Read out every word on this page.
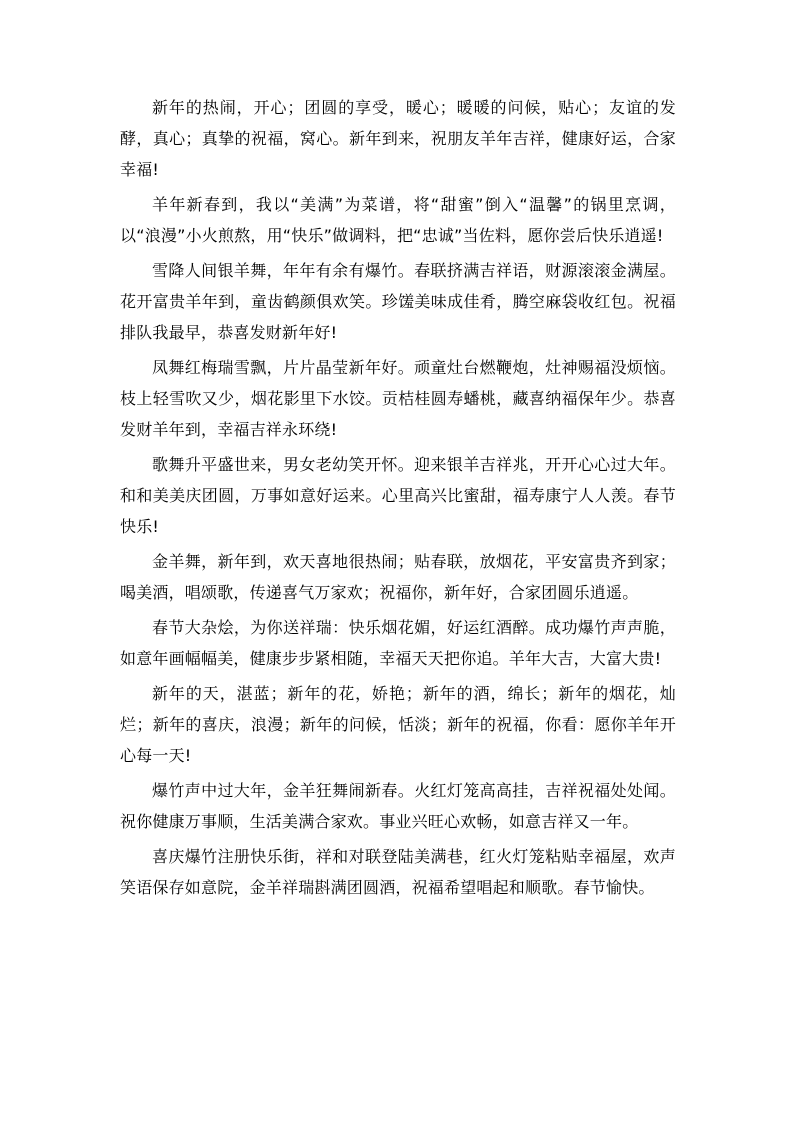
新年的热闹，开心；团圆的享受，暖心；暖暖的问候，贴心；友谊的发酵，真心；真挚的祝福，窝心。新年到来，祝朋友羊年吉祥，健康好运，合家幸福!

羊年新春到，我以“美满”为菜谱，将“甜蜜”倒入“温馨”的锅里烹调，以“浪漫”小火煎熬，用“快乐”做调料，把“忠诚”当佐料，愿你尝后快乐逍遥!

雪降人间银羊舞，年年有余有爆竹。春联挤满吉祥语，财源滚滚金满屋。花开富贵羊年到，童齿鹤颜俱欢笑。珍馐美味成佳肴，腾空麻袋收红包。祝福排队我最早，恭喜发财新年好!

凤舞红梅瑞雪飘，片片晶莹新年好。顽童灶台燃鞭炮，灶神赐福没烦恼。枝上轻雪吹又少，烟花影里下水饺。贡桔桂圆寿蟠桃，藏喜纳福保年少。恭喜发财羊年到，幸福吉祥永环绕!

歌舞升平盛世来，男女老幼笑开怀。迎来银羊吉祥兆，开开心心过大年。和和美美庆团圆，万事如意好运来。心里高兴比蜜甜，福寿康宁人人羡。春节快乐!

金羊舞，新年到，欢天喜地很热闹；贴春联，放烟花，平安富贵齐到家；喝美酒，唱颂歌，传递喜气万家欢；祝福你，新年好，合家团圆乐逍遥。

春节大杂烩，为你送祥瑞：快乐烟花媚，好运红酒醉。成功爆竹声声脆，如意年画幅幅美，健康步步紧相随，幸福天天把你追。羊年大吉，大富大贵!

新年的天，湛蓝；新年的花，娇艳；新年的酒，绵长；新年的烟花，灿烂；新年的喜庆，浪漫；新年的问候，恬淡；新年的祝福，你看：愿你羊年开心每一天!

爆竹声中过大年，金羊狂舞闹新春。火红灯笼高高挂，吉祥祝福处处闻。祝你健康万事顺，生活美满合家欢。事业兴旺心欢畅，如意吉祥又一年。

喜庆爆竹注册快乐街，祥和对联登陆美满巷，红火灯笼粘贴幸福屋，欢声笑语保存如意院，金羊祥瑞斟满团圆酒，祝福希望唱起和顺歌。春节愉快。
